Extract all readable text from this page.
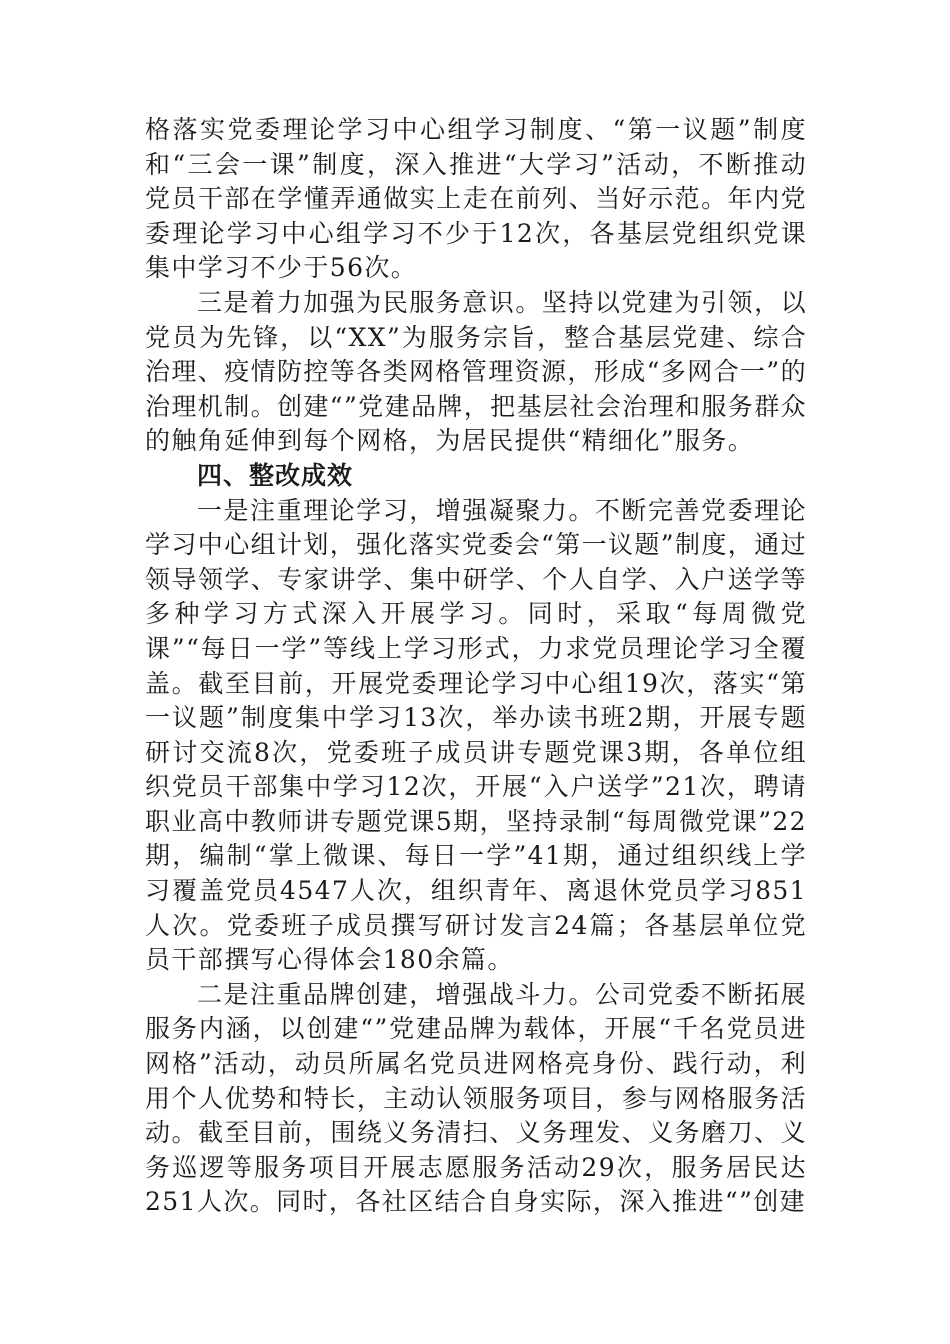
格落实党委理论学习中心组学习制度、“第一议题”制度和“三会一课”制度，深入推进“大学习”活动，不断推动党员干部在学懂弄通做实上走在前列、当好示范。年内党委理论学习中心组学习不少于12次，各基层党组织党课集中学习不少于56次。

三是着力加强为民服务意识。坚持以党建为引领，以党员为先锋，以“XX”为服务宗旨，整合基层党建、综合治理、疫情防控等各类网格管理资源，形成“多网合一”的治理机制。创建“”党建品牌，把基层社会治理和服务群众的触角延伸到每个网格，为居民提供“精细化”服务。

四、整改成效

一是注重理论学习，增强凝聚力。不断完善党委理论学习中心组计划，强化落实党委会“第一议题”制度，通过领导领学、专家讲学、集中研学、个人自学、入户送学等多种学习方式深入开展学习。同时，采取“每周微党课”“每日一学”等线上学习形式，力求党员理论学习全覆盖。截至目前，开展党委理论学习中心组19次，落实“第一议题”制度集中学习13次，举办读书班2期，开展专题研讨交流8次，党委班子成员讲专题党课3期，各单位组织党员干部集中学习12次，开展“入户送学”21次，聘请职业高中教师讲专题党课5期，坚持录制“每周微党课”22期，编制“掌上微课、每日一学”41期，通过组织线上学习覆盖党员4547人次，组织青年、离退休党员学习851人次。党委班子成员撰写研讨发言24篇；各基层单位党员干部撰写心得体会180余篇。

二是注重品牌创建，增强战斗力。公司党委不断拓展服务内涵，以创建“”党建品牌为载体，开展“千名党员进网格”活动，动员所属名党员进网格亮身份、践行动，利用个人优势和特长，主动认领服务项目，参与网格服务活动。截至目前，围绕义务清扫、义务理发、义务磨刀、义务巡逻等服务项目开展志愿服务活动29次，服务居民达251人次。同时，各社区结合自身实际，深入推进“”创建
